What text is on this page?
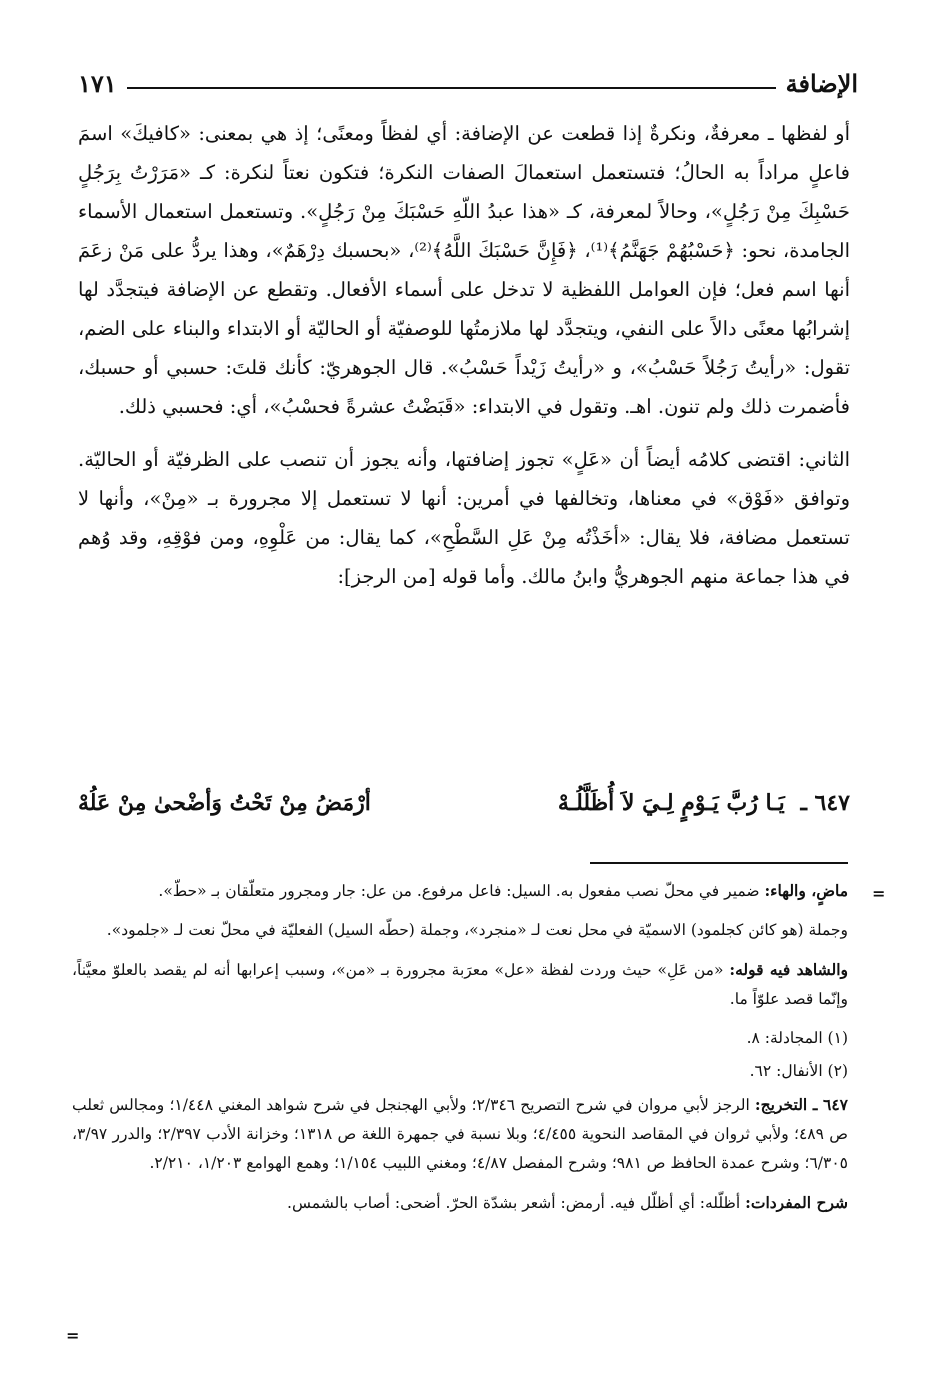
١٧١	الإضافة

أو لفظها ـ معرفةٌ، ونكرةٌ إذا قطعت عن الإضافة: أي لفظاً ومعنًى؛ إذ هي بمعنى: «كافيكَ» اسمَ فاعلٍ مراداً به الحالُ؛ فتستعمل استعمالَ الصفات النكرة؛ فتكون نعتاً لنكرة: كـ «مَرَرْتُ بِرَجُلٍ حَسْبِكَ مِنْ رَجُلٍ»، وحالاً لمعرفة، كـ «هذا عبدُ اللّهِ حَسْبَكَ مِنْ رَجُلٍ». وتستعمل استعمال الأسماء الجامدة، نحو: ﴿حَسْبُهُمْ جَهَنَّمُ﴾⁽¹⁾، ﴿فَإِنَّ حَسْبَكَ اللَّهُ﴾⁽²⁾، «بحسبك دِرْهَمٌ»، وهذا يردُّ على مَنْ زعَمَ أنها اسم فعل؛ فإن العوامل اللفظية لا تدخل على أسماء الأفعال. وتقطع عن الإضافة فيتجدَّد لها إشرابُها معنًى دالاً على النفي، ويتجدَّد لها ملازمتُها للوصفيّة أو الحاليّة أو الابتداء والبناء على الضم، تقول: «رأيتُ رَجُلاً حَسْبُ»، و «رأيتُ زَيْداً حَسْبُ». قال الجوهريّ: كأنك قلتَ: حسبي أو حسبك، فأضمرت ذلك ولم تنون. اهـ. وتقول في الابتداء: «قَبَضْتُ عشرةً فحسْبُ»، أي: فحسبي ذلك.

الثاني: اقتضى كلامُه أيضاً أن «عَلٍ» تجوز إضافتها، وأنه يجوز أن تنصب على الظرفيّة أو الحاليّة. وتوافق «فَوْق» في معناها، وتخالفها في أمرين: أنها لا تستعمل إلا مجرورة بـ «مِنْ»، وأنها لا تستعمل مضافة، فلا يقال: «أخَذْتُه مِنْ عَلِ السَّطْحِ»، كما يقال: من عَلْوِهِ، ومن فوْقِهِ، وقد وُهم في هذا جماعة منهم الجوهريُّ وابنُ مالك. وأما قوله [من الرجز]:

٦٤٧ ـ يَـا رُبَّ يَـوْمٍ لِـيَ لاَ أُظَلَّلُـهْ
أرْمَضُ مِنْ تَحْتُ وَأضْحىٰ مِنْ عَلُهْ
=

ماضٍ، والهاء: ضمير في محلّ نصب مفعول به. السيل: فاعل مرفوع. من عل: جار ومجرور متعلّقان بـ «حطّ».

وجملة (هو كائن كجلمود) الاسميّة في محل نعت لـ «منجرد»، وجملة (حطّه السيل) الفعليّة في محلّ نعت لـ «جلمود».

والشاهد فيه قوله: «من عَلِ» حيث وردت لفظة «عل» معرَبة مجرورة بـ «من»، وسبب إعرابها أنه لم يقصد بالعلوّ معيَّناً، وإنّما قصد علوّاً ما.

(١) المجادلة: ٨.

(٢) الأنفال: ٦٢.

٦٤٧ ـ التخريج: الرجز لأبي مروان في شرح التصريح ٢/٣٤٦؛ ولأبي الهجنجل في شرح شواهد المغني ١/٤٤٨؛ ومجالس ثعلب ص ٤٨٩؛ ولأبي ثروان في المقاصد النحوية ٤/٤٥٥؛ وبلا نسبة في جمهرة اللغة ص ١٣١٨؛ وخزانة الأدب ٢/٣٩٧؛ والدرر ٣/٩٧، ٦/٣٠٥؛ وشرح عمدة الحافظ ص ٩٨١؛ وشرح المفصل ٤/٨٧؛ ومغني اللبيب ١/١٥٤؛ وهمع الهوامع ١/٢٠٣، ٢/٢١٠.

شرح المفردات: أظلّله: أي أظلّل فيه. أرمض: أشعر بشدّة الحرّ. أضحى: أصاب بالشمس.

=
